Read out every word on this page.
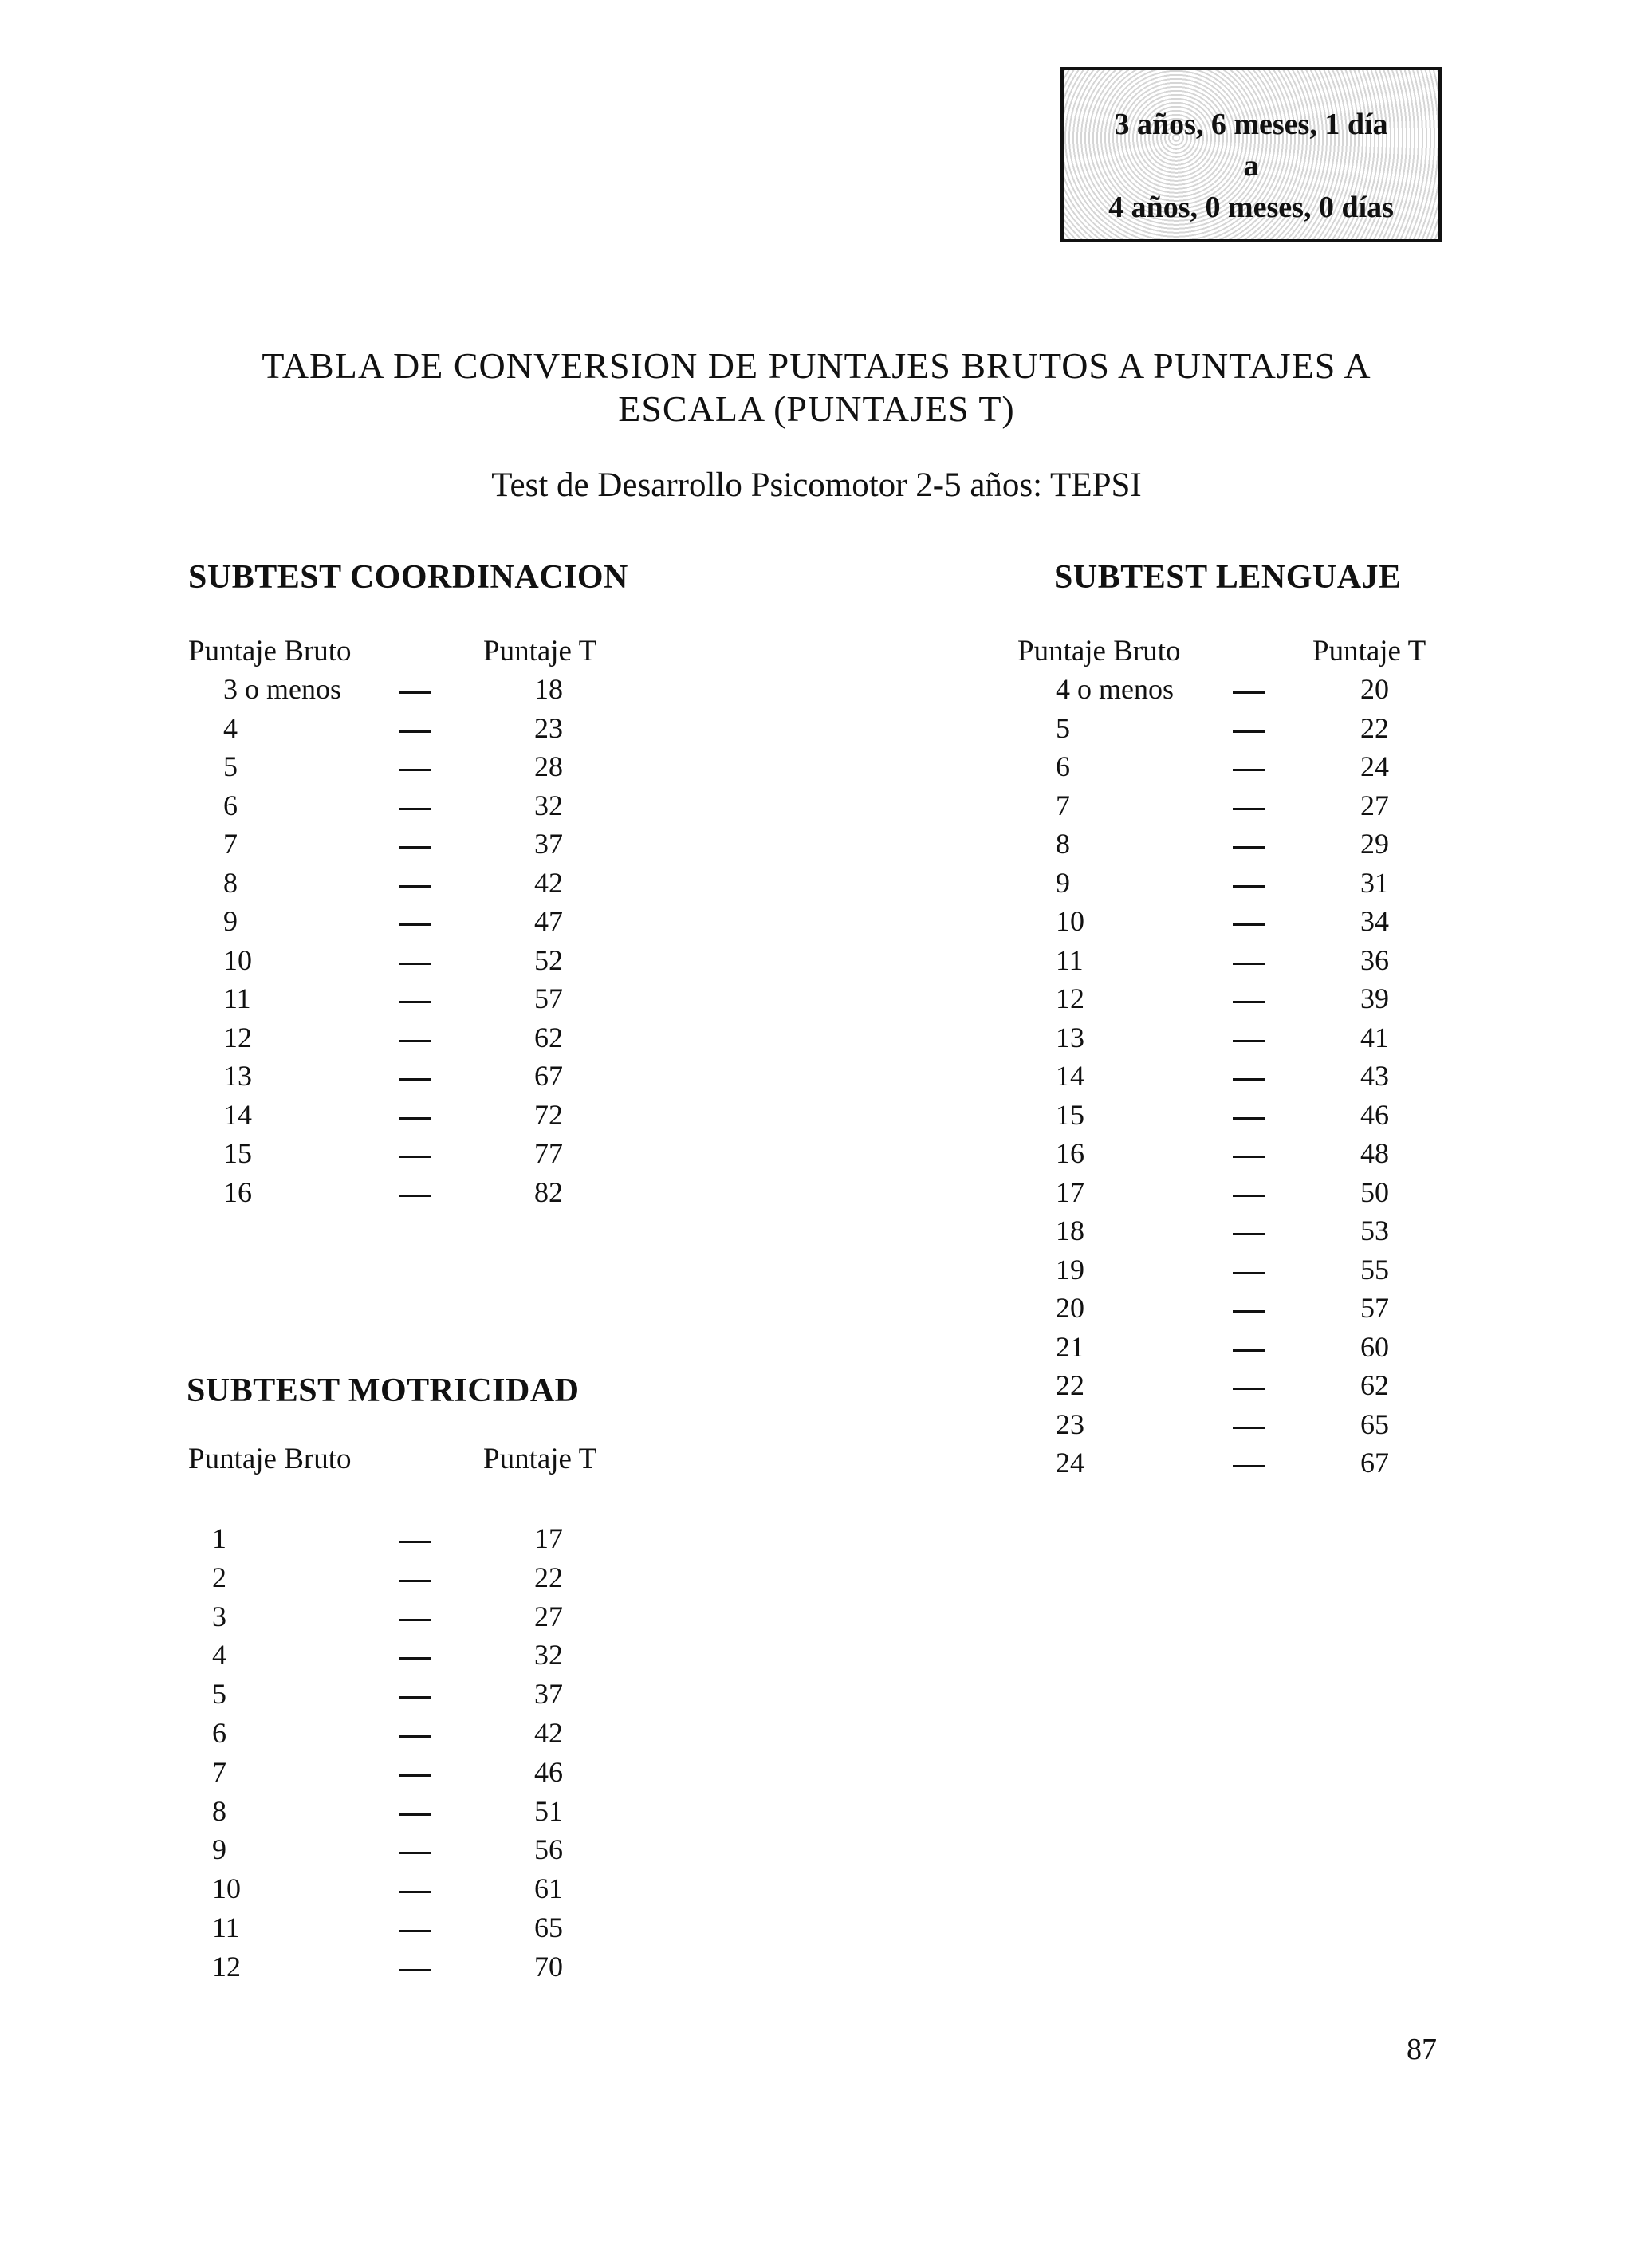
3 años, 6 meses, 1 día
a
4 años, 0 meses, 0 días
TABLA DE CONVERSION DE PUNTAJES BRUTOS A PUNTAJES A
ESCALA (PUNTAJES T)
Test de Desarrollo Psicomotor 2-5 años: TEPSI
SUBTEST COORDINACION
Puntaje Bruto	Puntaje T
3 o menos	18
4	23
5	28
6	32
7	37
8	42
9	47
10	52
11	57
12	62
13	67
14	72
15	77
16	82
SUBTEST LENGUAJE
Puntaje Bruto	Puntaje T
4 o menos	20
5	22
6	24
7	27
8	29
9	31
10	34
11	36
12	39
13	41
14	43
15	46
16	48
17	50
18	53
19	55
20	57
21	60
22	62
23	65
24	67
SUBTEST MOTRICIDAD
Puntaje Bruto	Puntaje T
1	17
2	22
3	27
4	32
5	37
6	42
7	46
8	51
9	56
10	61
11	65
12	70
87
